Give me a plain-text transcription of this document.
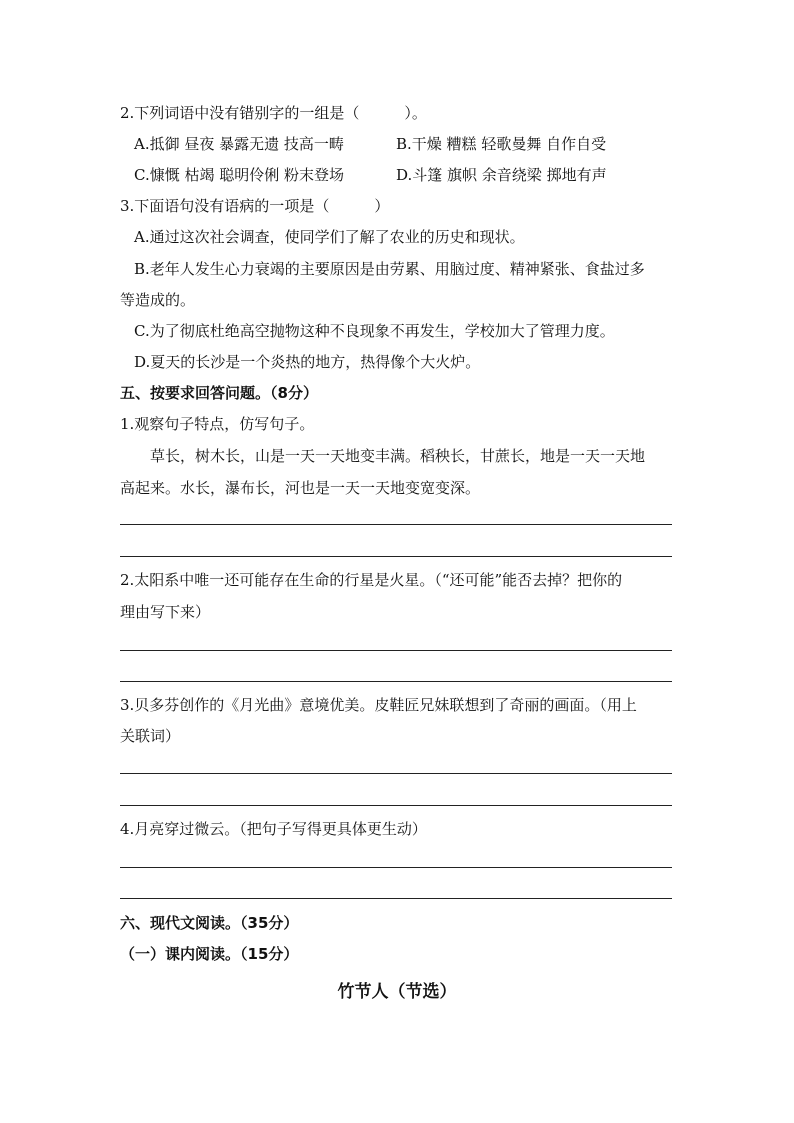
2.下列词语中没有错别字的一组是（　　　）。
A.抵御 昼夜 暴露无遗 技高一畴	B.干燥 糟糕 轻歌曼舞 自作自受
C.慷慨 枯竭 聪明伶俐 粉末登场	D.斗篷 旗帜 余音绕梁 掷地有声
3.下面语句没有语病的一项是（　　　）
A.通过这次社会调查，使同学们了解了农业的历史和现状。
B.老年人发生心力衰竭的主要原因是由劳累、用脑过度、精神紧张、食盐过多
等造成的。
C.为了彻底杜绝高空抛物这种不良现象不再发生，学校加大了管理力度。
D.夏天的长沙是一个炎热的地方，热得像个大火炉。
五、按要求回答问题。（8分）
1.观察句子特点，仿写句子。
草长，树木长，山是一天一天地变丰满。稻秧长，甘蔗长，地是一天一天地
高起来。水长，瀑布长，河也是一天一天地变宽变深。
2.太阳系中唯一还可能存在生命的行星是火星。（“还可能”能否去掉？把你的
理由写下来）
3.贝多芬创作的《月光曲》意境优美。皮鞋匠兄妹联想到了奇丽的画面。（用上
关联词）
4.月亮穿过微云。（把句子写得更具体更生动）
六、现代文阅读。（35分）
（一）课内阅读。（15分）
竹节人（节选）
